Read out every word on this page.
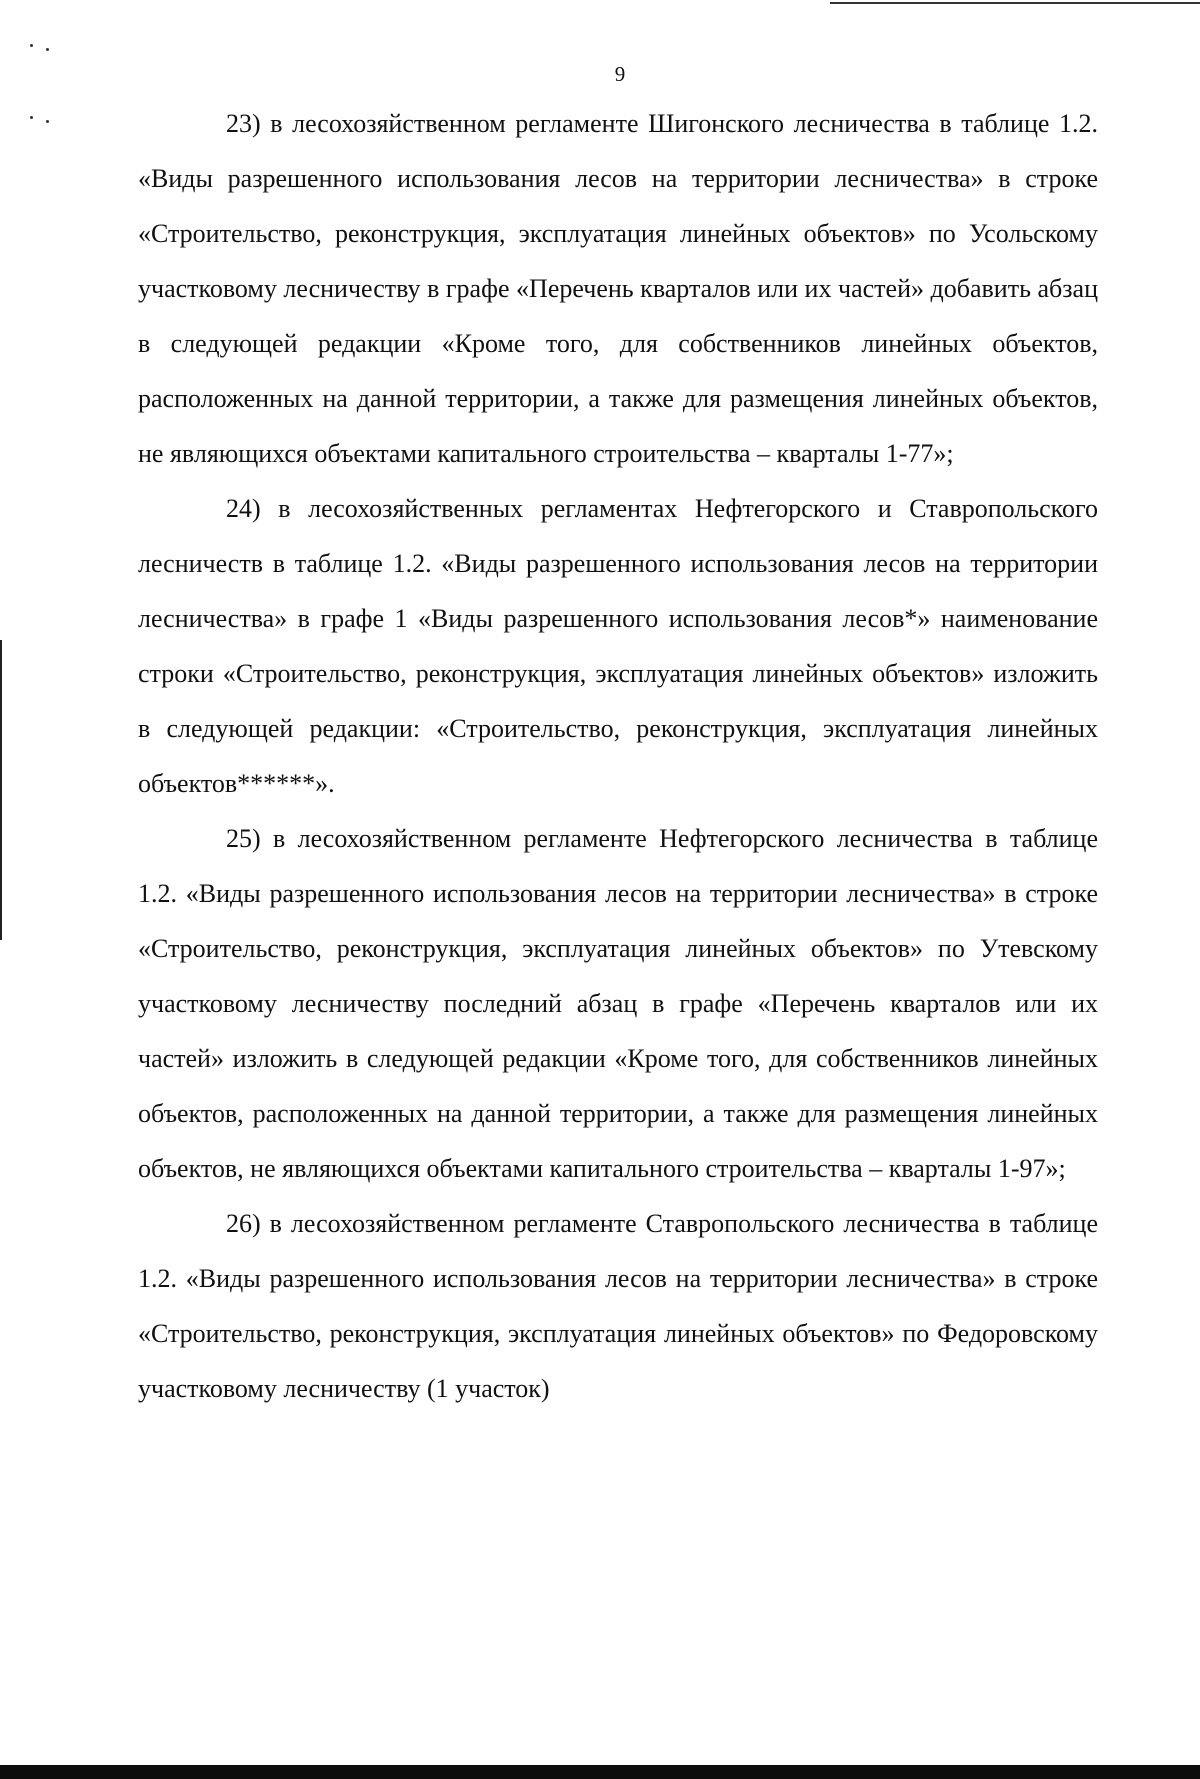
9

23) в лесохозяйственном регламенте Шигонского лесничества в таблице 1.2. «Виды разрешенного использования лесов на территории лесничества» в строке «Строительство, реконструкция, эксплуатация линейных объектов» по Усольскому участковому лесничеству в графе «Перечень кварталов или их частей» добавить абзац в следующей редакции «Кроме того, для собственников линейных объектов, расположенных на данной территории, а также для размещения линейных объектов, не являющихся объектами капитального строительства – кварталы 1-77»;

24) в лесохозяйственных регламентах Нефтегорского и Ставропольского лесничеств в таблице 1.2. «Виды разрешенного использования лесов на территории лесничества» в графе 1 «Виды разрешенного использования лесов*» наименование строки «Строительство, реконструкция, эксплуатация линейных объектов» изложить в следующей редакции: «Строительство, реконструкция, эксплуатация линейных объектов******».

25) в лесохозяйственном регламенте Нефтегорского лесничества в таблице 1.2. «Виды разрешенного использования лесов на территории лесничества» в строке «Строительство, реконструкция, эксплуатация линейных объектов» по Утевскому участковому лесничеству последний абзац в графе «Перечень кварталов или их частей» изложить в следующей редакции «Кроме того, для собственников линейных объектов, расположенных на данной территории, а также для размещения линейных объектов, не являющихся объектами капитального строительства – кварталы 1-97»;

26) в лесохозяйственном регламенте Ставропольского лесничества в таблице 1.2. «Виды разрешенного использования лесов на территории лесничества» в строке «Строительство, реконструкция, эксплуатация линейных объектов» по Федоровскому участковому лесничеству (1 участок)
